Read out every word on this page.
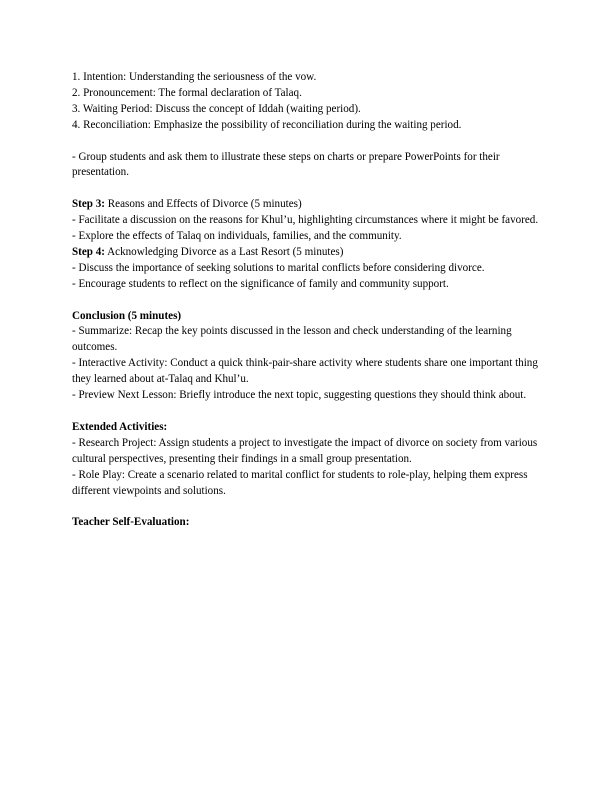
1. Intention: Understanding the seriousness of the vow.
2. Pronouncement: The formal declaration of Talaq.
3. Waiting Period: Discuss the concept of Iddah (waiting period).
4. Reconciliation: Emphasize the possibility of reconciliation during the waiting period.
- Group students and ask them to illustrate these steps on charts or prepare PowerPoints for their presentation.
Step 3: Reasons and Effects of Divorce (5 minutes)
- Facilitate a discussion on the reasons for Khul’u, highlighting circumstances where it might be favored.
- Explore the effects of Talaq on individuals, families, and the community.
Step 4: Acknowledging Divorce as a Last Resort (5 minutes)
- Discuss the importance of seeking solutions to marital conflicts before considering divorce.
- Encourage students to reflect on the significance of family and community support.
Conclusion (5 minutes)
- Summarize: Recap the key points discussed in the lesson and check understanding of the learning outcomes.
- Interactive Activity: Conduct a quick think-pair-share activity where students share one important thing they learned about at-Talaq and Khul’u.
- Preview Next Lesson: Briefly introduce the next topic, suggesting questions they should think about.
Extended Activities:
- Research Project: Assign students a project to investigate the impact of divorce on society from various cultural perspectives, presenting their findings in a small group presentation.
- Role Play: Create a scenario related to marital conflict for students to role-play, helping them express different viewpoints and solutions.
Teacher Self-Evaluation:
